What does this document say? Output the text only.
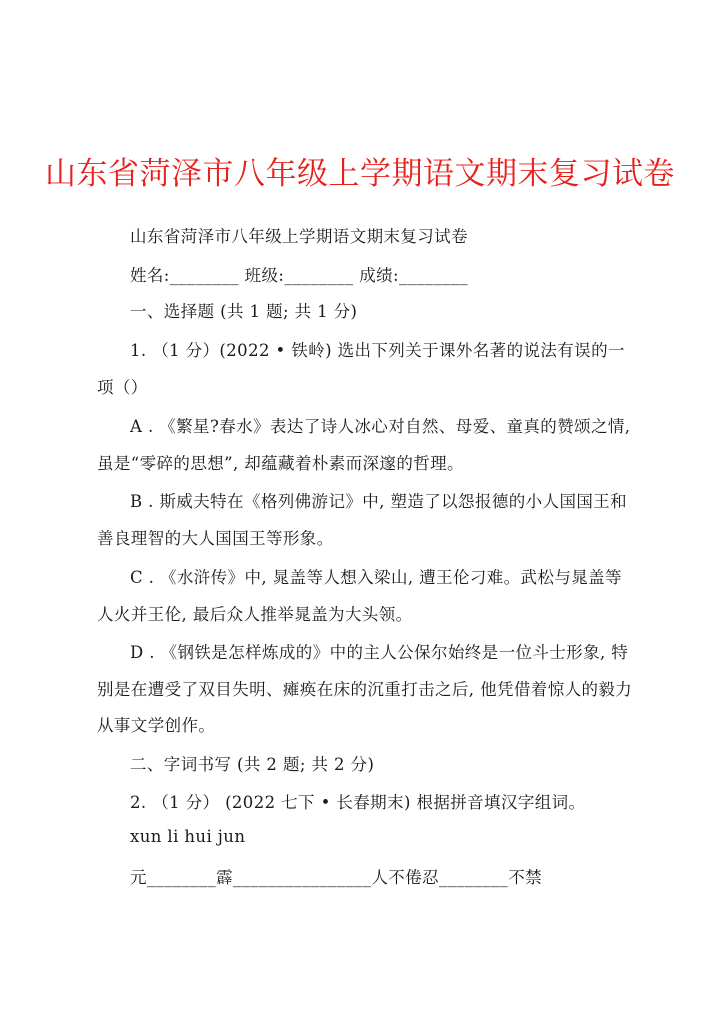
山东省菏泽市八年级上学期语文期末复习试卷
山东省菏泽市八年级上学期语文期末复习试卷
姓名:________ 班级:________ 成绩:________
一、选择题 (共 1 题; 共 1 分)
1. （1 分）(2022 • 铁岭) 选出下列关于课外名著的说法有误的一
项（）
A . 《繁星?春水》表达了诗人冰心对自然、母爱、童真的赞颂之情,
虽是“零碎的思想”, 却蕴藏着朴素而深邃的哲理。
B . 斯威夫特在《格列佛游记》中, 塑造了以怨报德的小人国国王和
善良理智的大人国国王等形象。
C . 《水浒传》中, 晁盖等人想入梁山, 遭王伦刁难。武松与晁盖等
人火并王伦, 最后众人推举晁盖为大头领。
D . 《钢铁是怎样炼成的》中的主人公保尔始终是一位斗士形象, 特
别是在遭受了双目失明、瘫痪在床的沉重打击之后, 他凭借着惊人的毅力
从事文学创作。
二、字词书写 (共 2 题; 共 2 分)
2. （1 分） (2022 七下 • 长春期末) 根据拼音填汉字组词。
xun li hui jun
元________霹________________人不倦忍________不禁
